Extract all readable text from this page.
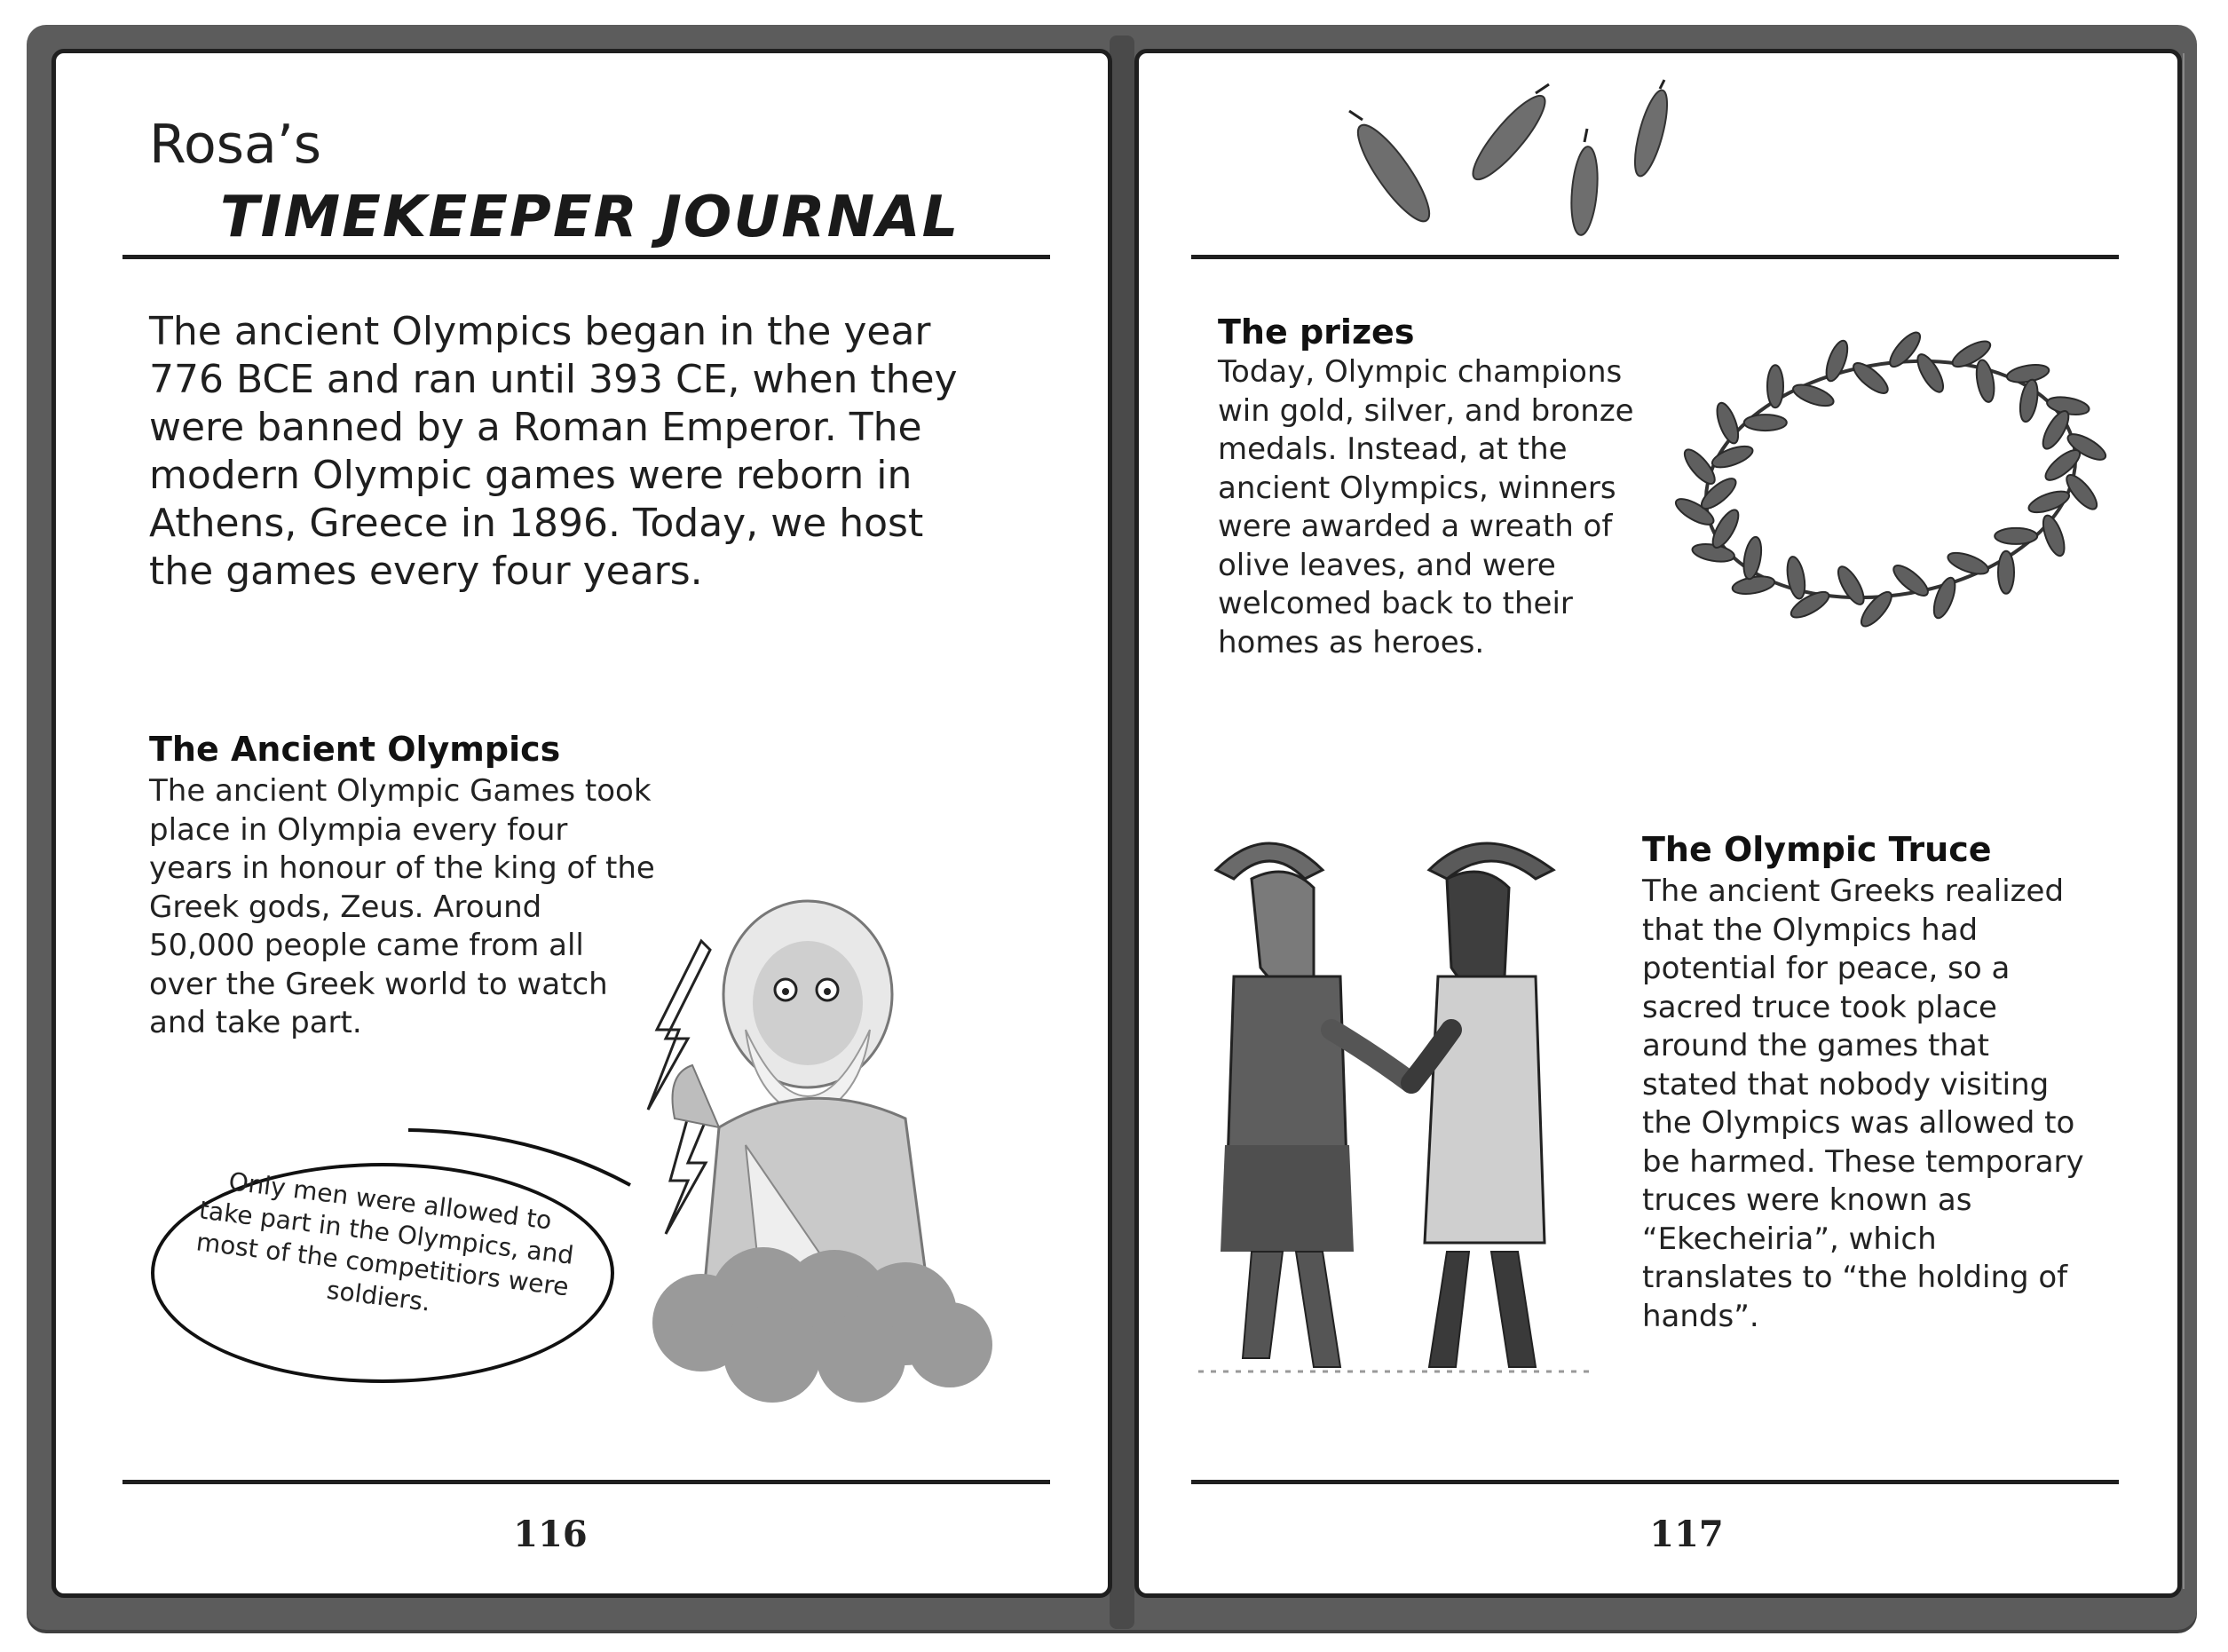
Rosa’s
TIMEKEEPER JOURNAL
The ancient Olympics began in the year 776 BCE and ran until 393 CE, when they were banned by a Roman Emperor. The modern Olympic games were reborn in Athens, Greece in 1896. Today, we host the games every four years.
The Ancient Olympics
The ancient Olympic Games took place in Olympia every four years in honour of the king of the Greek gods, Zeus. Around 50,000 people came from all over the Greek world to watch and take part.
Only men were allowed to take part in the Olympics, and most of the competitiors were soldiers.
116
The prizes
Today, Olympic champions win gold, silver, and bronze medals. Instead, at the ancient Olympics, winners were awarded a wreath of olive leaves, and were welcomed back to their homes as heroes.
The Olympic Truce
The ancient Greeks realized that the Olympics had potential for peace, so a sacred truce took place around the games that stated that nobody visiting the Olympics was allowed to be harmed. These temporary truces were known as “Ekecheiria”, which translates to “the holding of hands”.
117
